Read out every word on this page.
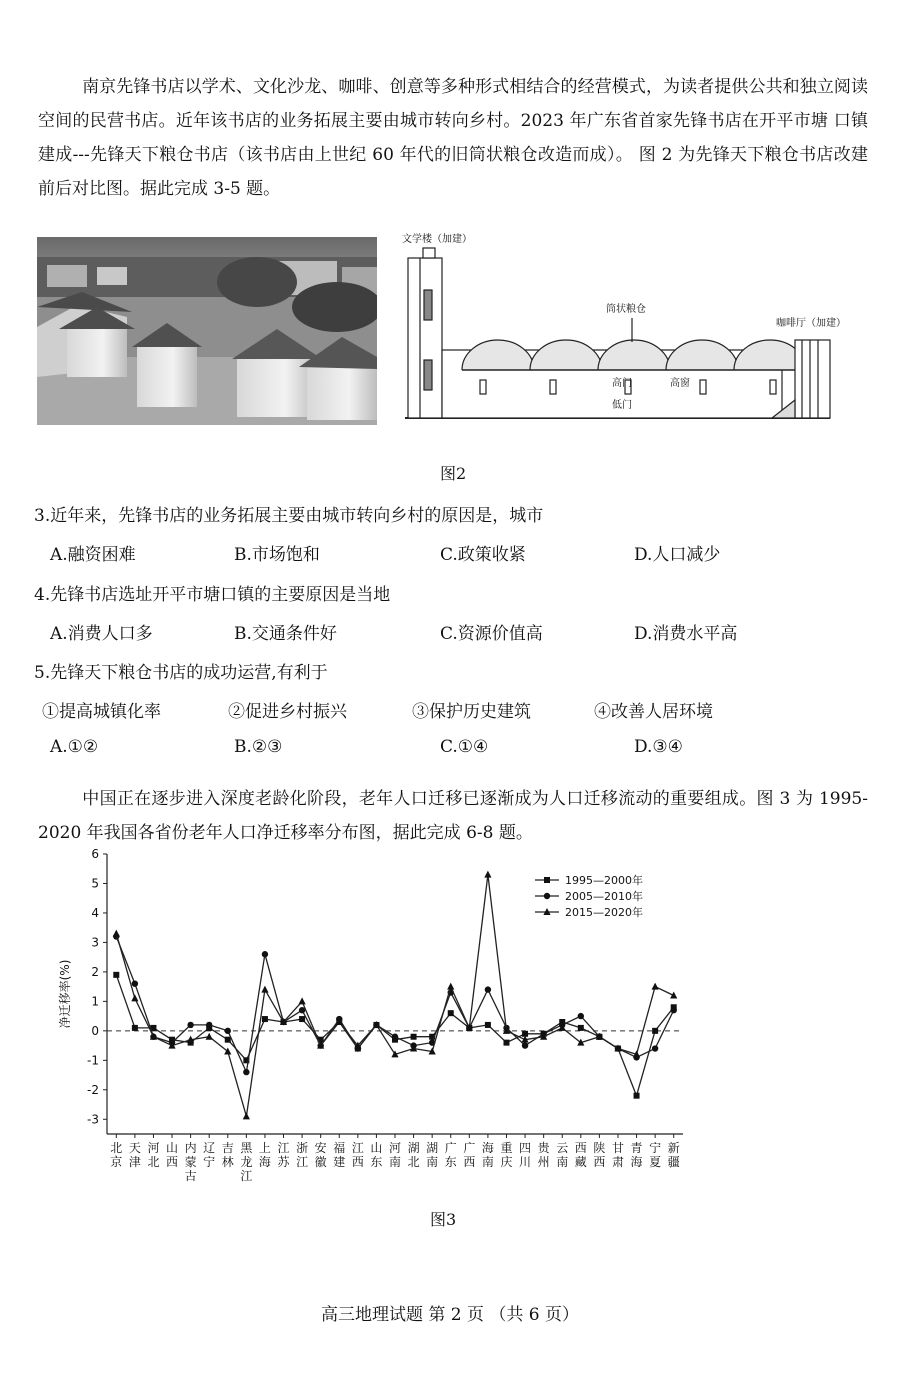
南京先锋书店以学术、文化沙龙、咖啡、创意等多种形式相结合的经营模式，为读者提供公共和独立阅读空间的民营书店。近年该书店的业务拓展主要由城市转向乡村。2023 年广东省首家先锋书店在开平市塘 口镇建成---先锋天下粮仓书店（该书店由上世纪 60 年代的旧筒状粮仓改造而成）。 图 2 为先锋天下粮仓书店改建前后对比图。据此完成 3-5 题。
文学楼（加建）
筒状粮仓
咖啡厅（加建）
高门
低门
高窗
图2
3.近年来，先锋书店的业务拓展主要由城市转向乡村的原因是，城市
A.融资困难	B.市场饱和	C.政策收紧	D.人口减少
4.先锋书店选址开平市塘口镇的主要原因是当地
A.消费人口多	B.交通条件好	C.资源价值高	D.消费水平高
5.先锋天下粮仓书店的成功运营,有利于
①提高城镇化率	②促进乡村振兴	③保护历史建筑	④改善人居环境
A.①②	B.②③	C.①④	D.③④
中国正在逐步进入深度老龄化阶段，老年人口迁移已逐渐成为人口迁移流动的重要组成。图 3 为 1995-2020 年我国各省份老年人口净迁移率分布图，据此完成 6-8 题。
-3
-2
-1
0
1
2
3
4
5
6
净迁移率(%)
北京
天津
河北
山西
内蒙古
辽宁
吉林
黑龙江
上海
江苏
浙江
安徽
福建
江西
山东
河南
湖北
湖南
广东
广西
海南
重庆
四川
贵州
云南
西藏
陕西
甘肃
青海
宁夏
新疆
1995—2000年
2005—2010年
2015—2020年
图3
高三地理试题 第 2 页 （共 6 页）
